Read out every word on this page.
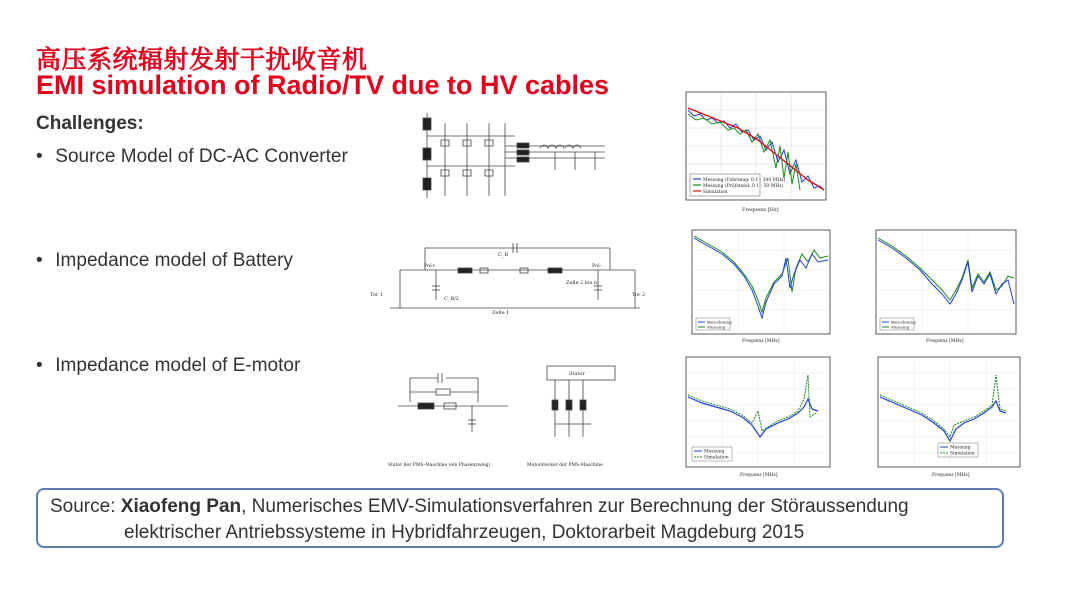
高压系统辐射发射干扰收音机
EMI simulation of Radio/TV due to HV cables
Challenges:
• Source Model of DC-AC Converter
• Impedance model of Battery
• Impedance model of E-motor
Messung (Fahrzeug: 0.1 - 300 MHz)
Messung (Prüfstand: 0.1 - 50 MHz)
Simulation
Frequenz [Hz]
Pol+	Pol-
C_B
Tor 1	Tor 2
Zelle 1
Zelle 2 bis n
C_B/2
Berechnung
Messung
Frequenz [MHz]
Berechnung
Messung
Frequenz [MHz]
Stator der PMS-Maschine (ein Phasenzweig)
Stator
Motorstecker der PMS-Maschine
Messung
Simulation
Frequenz [MHz]
Messung
Simulation
Frequenz [MHz]
Source: Xiaofeng Pan, Numerisches EMV-Simulationsverfahren zur Berechnung der Störaussendung
elektrischer Antriebssysteme in Hybridfahrzeugen, Doktorarbeit Magdeburg 2015
